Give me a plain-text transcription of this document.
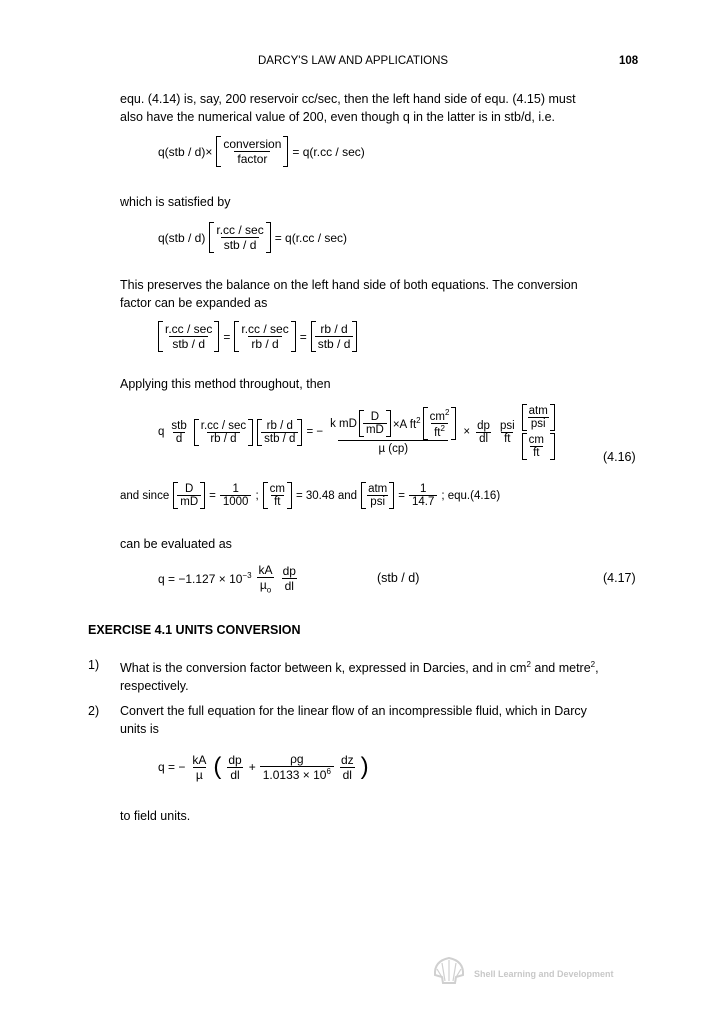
DARCY'S LAW AND APPLICATIONS	108
equ. (4.14) is, say, 200 reservoir cc/sec, then the left hand side of equ. (4.15) must
also have the numerical value of 200, even though q in the latter is in stb/d, i.e.
$q(stb / d)\times \frac{\text{conversion}}{\text{factor}} = q(r.cc / \sec)$
which is satisfied by
$q(stb / d) \frac{r.cc / \sec}{\text{stb / d}} = q(r.cc / \sec)$
This preserves the balance on the left hand side of both equations. The conversion
factor can be expanded as
$\frac{r.cc / \sec}{\text{stb / d}} = \frac{r.cc / \sec}{rb / d} = \frac{rb / d}{\text{stb / d}}$
Applying this method throughout, then
q $\frac{\text{stb}}{d} \frac{r.cc / \sec}{rb / d} \frac{rb / d}{\text{stb / d}}$ = − $\frac{k mD \frac{D}{mD} \times A ft^2 \frac{cm^2}{ft^2}}{\text{µ (cp)}} \times \frac{dp}{dl} \frac{\text{psi}}{ft}$
$\frac{\text{atm}}{\text{psi}}$
$\frac{cm}{ft}$	(4.16)
and since $\frac{D}{mD} = \frac{1}{1000}$ ; $\frac{cm}{ft} = 30.48$ and $\frac{\text{atm}}{\text{psi}} = \frac{1}{14.7}$ ; equ.(4.16)
can be evaluated as
$q = -1.127 \times 10^{-3} \frac{kA}{\mu_o} \frac{dp}{dl}$	(stb / d)	(4.17)
EXERCISE 4.1 UNITS CONVERSION
1) What is the conversion factor between k, expressed in Darcies, and in $cm^2$ and metre$^2$,
respectively.
2) Convert the full equation for the linear flow of an incompressible fluid, which in Darcy
units is
q = − $\frac{kA}{\text{µ}}$ ( $\frac{dp}{dl} + \frac{\rho g}{1.0133 \times 10^6} \frac{dz}{dl}$ )
to field units.
Shell Learning and Development
